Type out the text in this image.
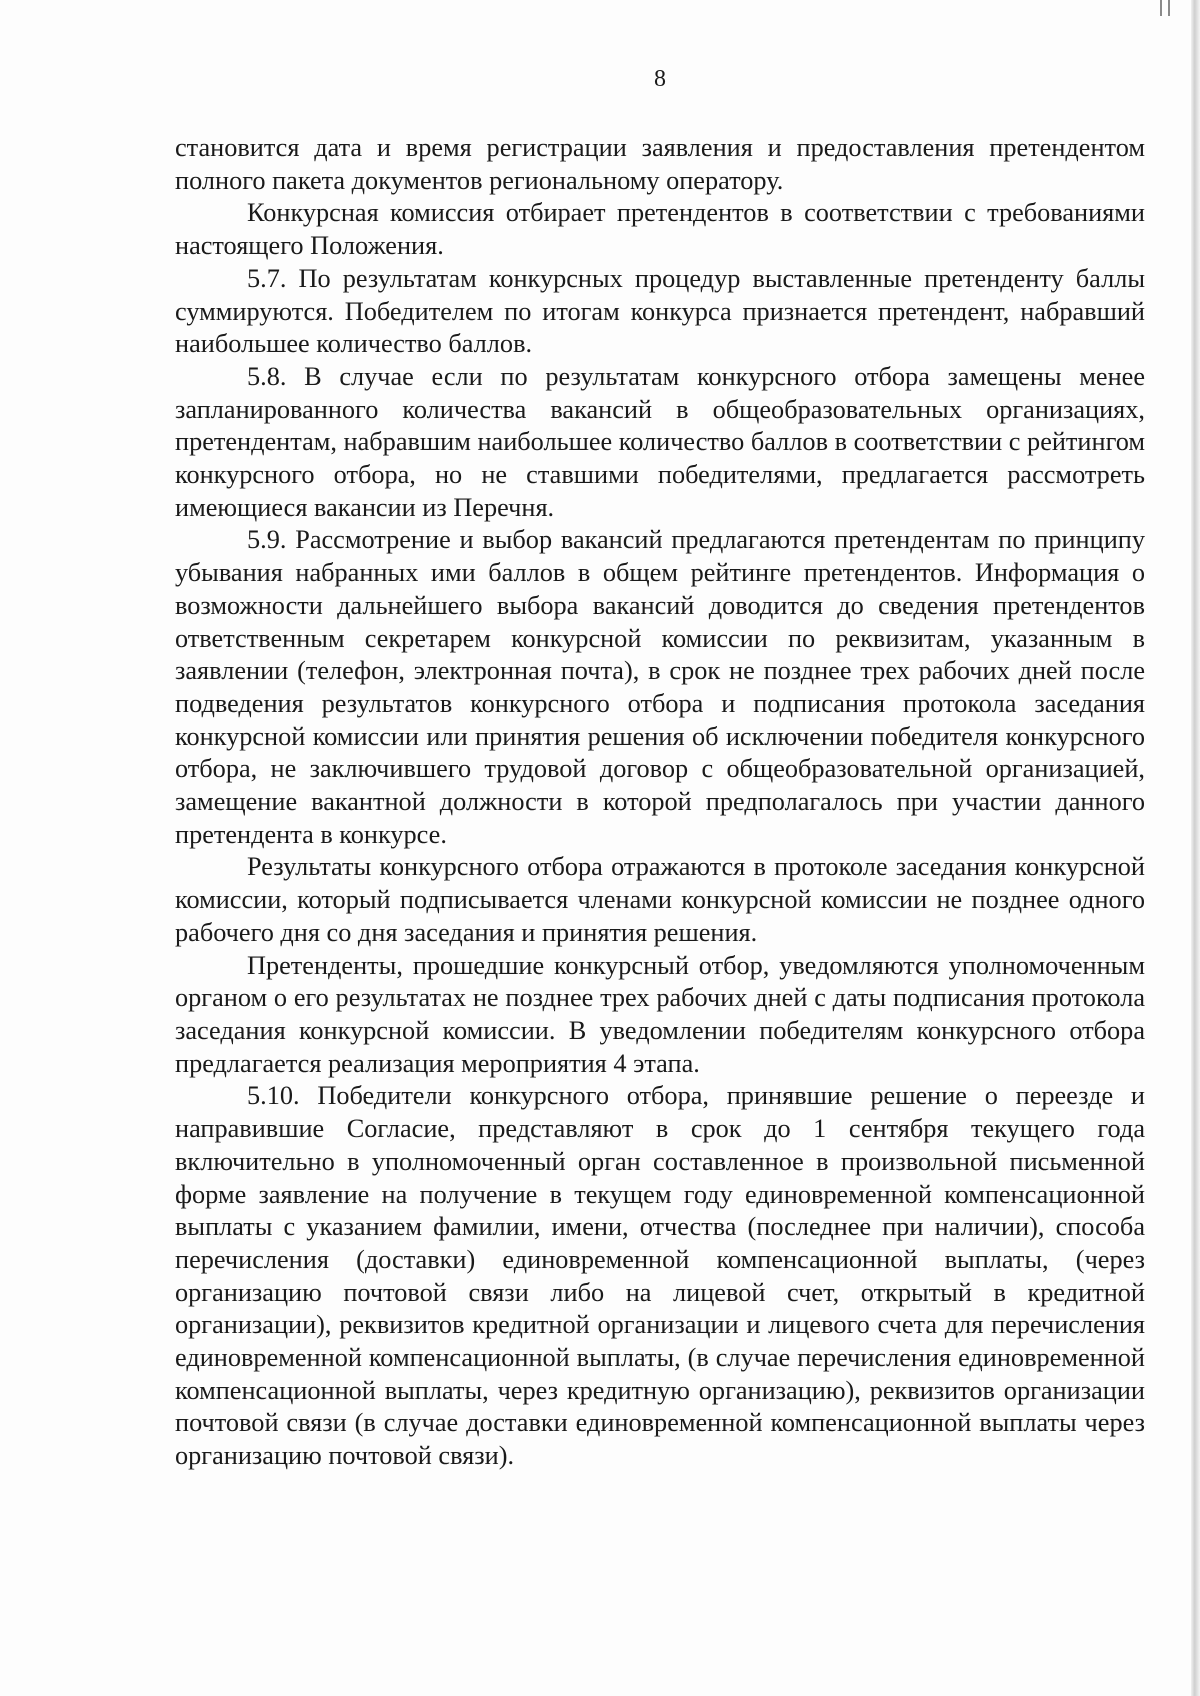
8

становится дата и время регистрации заявления и предоставления претендентом полного пакета документов региональному оператору.

Конкурсная комиссия отбирает претендентов в соответствии с требованиями настоящего Положения.

5.7. По результатам конкурсных процедур выставленные претенденту баллы суммируются. Победителем по итогам конкурса признается претендент, набравший наибольшее количество баллов.

5.8. В случае если по результатам конкурсного отбора замещены менее запланированного количества вакансий в общеобразовательных организациях, претендентам, набравшим наибольшее количество баллов в соответствии с рейтингом конкурсного отбора, но не ставшими победителями, предлагается рассмотреть имеющиеся вакансии из Перечня.

5.9. Рассмотрение и выбор вакансий предлагаются претендентам по принципу убывания набранных ими баллов в общем рейтинге претендентов. Информация о возможности дальнейшего выбора вакансий доводится до сведения претендентов ответственным секретарем конкурсной комиссии по реквизитам, указанным в заявлении (телефон, электронная почта), в срок не позднее трех рабочих дней после подведения результатов конкурсного отбора и подписания протокола заседания конкурсной комиссии или принятия решения об исключении победителя конкурсного отбора, не заключившего трудовой договор с общеобразовательной организацией, замещение вакантной должности в которой предполагалось при участии данного претендента в конкурсе.

Результаты конкурсного отбора отражаются в протоколе заседания конкурсной комиссии, который подписывается членами конкурсной комиссии не позднее одного рабочего дня со дня заседания и принятия решения.

Претенденты, прошедшие конкурсный отбор, уведомляются уполномоченным органом о его результатах не позднее трех рабочих дней с даты подписания протокола заседания конкурсной комиссии. В уведомлении победителям конкурсного отбора предлагается реализация мероприятия 4 этапа.

5.10. Победители конкурсного отбора, принявшие решение о переезде и направившие Согласие, представляют в срок до 1 сентября текущего года включительно в уполномоченный орган составленное в произвольной письменной форме заявление на получение в текущем году единовременной компенсационной выплаты с указанием фамилии, имени, отчества (последнее при наличии), способа перечисления (доставки) единовременной компенсационной выплаты, (через организацию почтовой связи либо на лицевой счет, открытый в кредитной организации), реквизитов кредитной организации и лицевого счета для перечисления единовременной компенсационной выплаты, (в случае перечисления единовременной компенсационной выплаты, через кредитную организацию), реквизитов организации почтовой связи (в случае доставки единовременной компенсационной выплаты через организацию почтовой связи).
